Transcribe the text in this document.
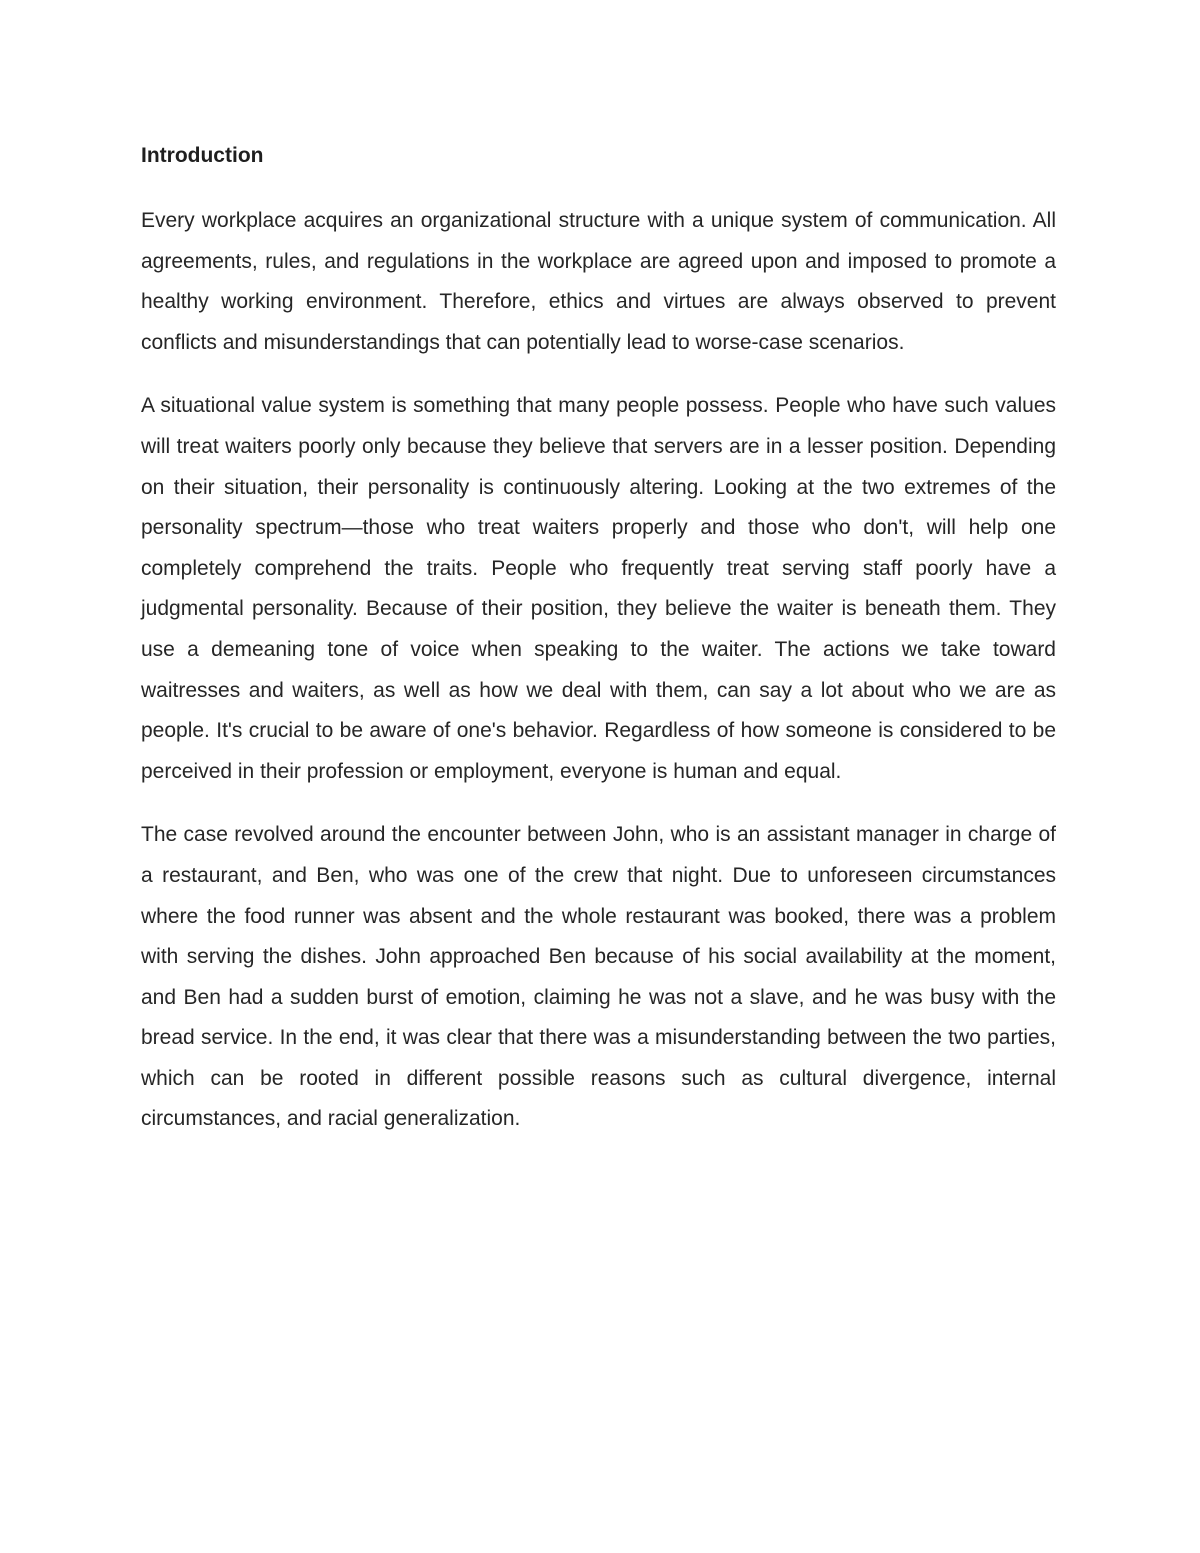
Introduction

Every workplace acquires an organizational structure with a unique system of communication. All agreements, rules, and regulations in the workplace are agreed upon and imposed to promote a healthy working environment. Therefore, ethics and virtues are always observed to prevent conflicts and misunderstandings that can potentially lead to worse-case scenarios.

A situational value system is something that many people possess. People who have such values will treat waiters poorly only because they believe that servers are in a lesser position. Depending on their situation, their personality is continuously altering. Looking at the two extremes of the personality spectrum—those who treat waiters properly and those who don't, will help one completely comprehend the traits. People who frequently treat serving staff poorly have a judgmental personality. Because of their position, they believe the waiter is beneath them. They use a demeaning tone of voice when speaking to the waiter. The actions we take toward waitresses and waiters, as well as how we deal with them, can say a lot about who we are as people. It's crucial to be aware of one's behavior. Regardless of how someone is considered to be perceived in their profession or employment, everyone is human and equal.

The case revolved around the encounter between John, who is an assistant manager in charge of a restaurant, and Ben, who was one of the crew that night. Due to unforeseen circumstances where the food runner was absent and the whole restaurant was booked, there was a problem with serving the dishes. John approached Ben because of his social availability at the moment, and Ben had a sudden burst of emotion, claiming he was not a slave, and he was busy with the bread service. In the end, it was clear that there was a misunderstanding between the two parties, which can be rooted in different possible reasons such as cultural divergence, internal circumstances, and racial generalization.
